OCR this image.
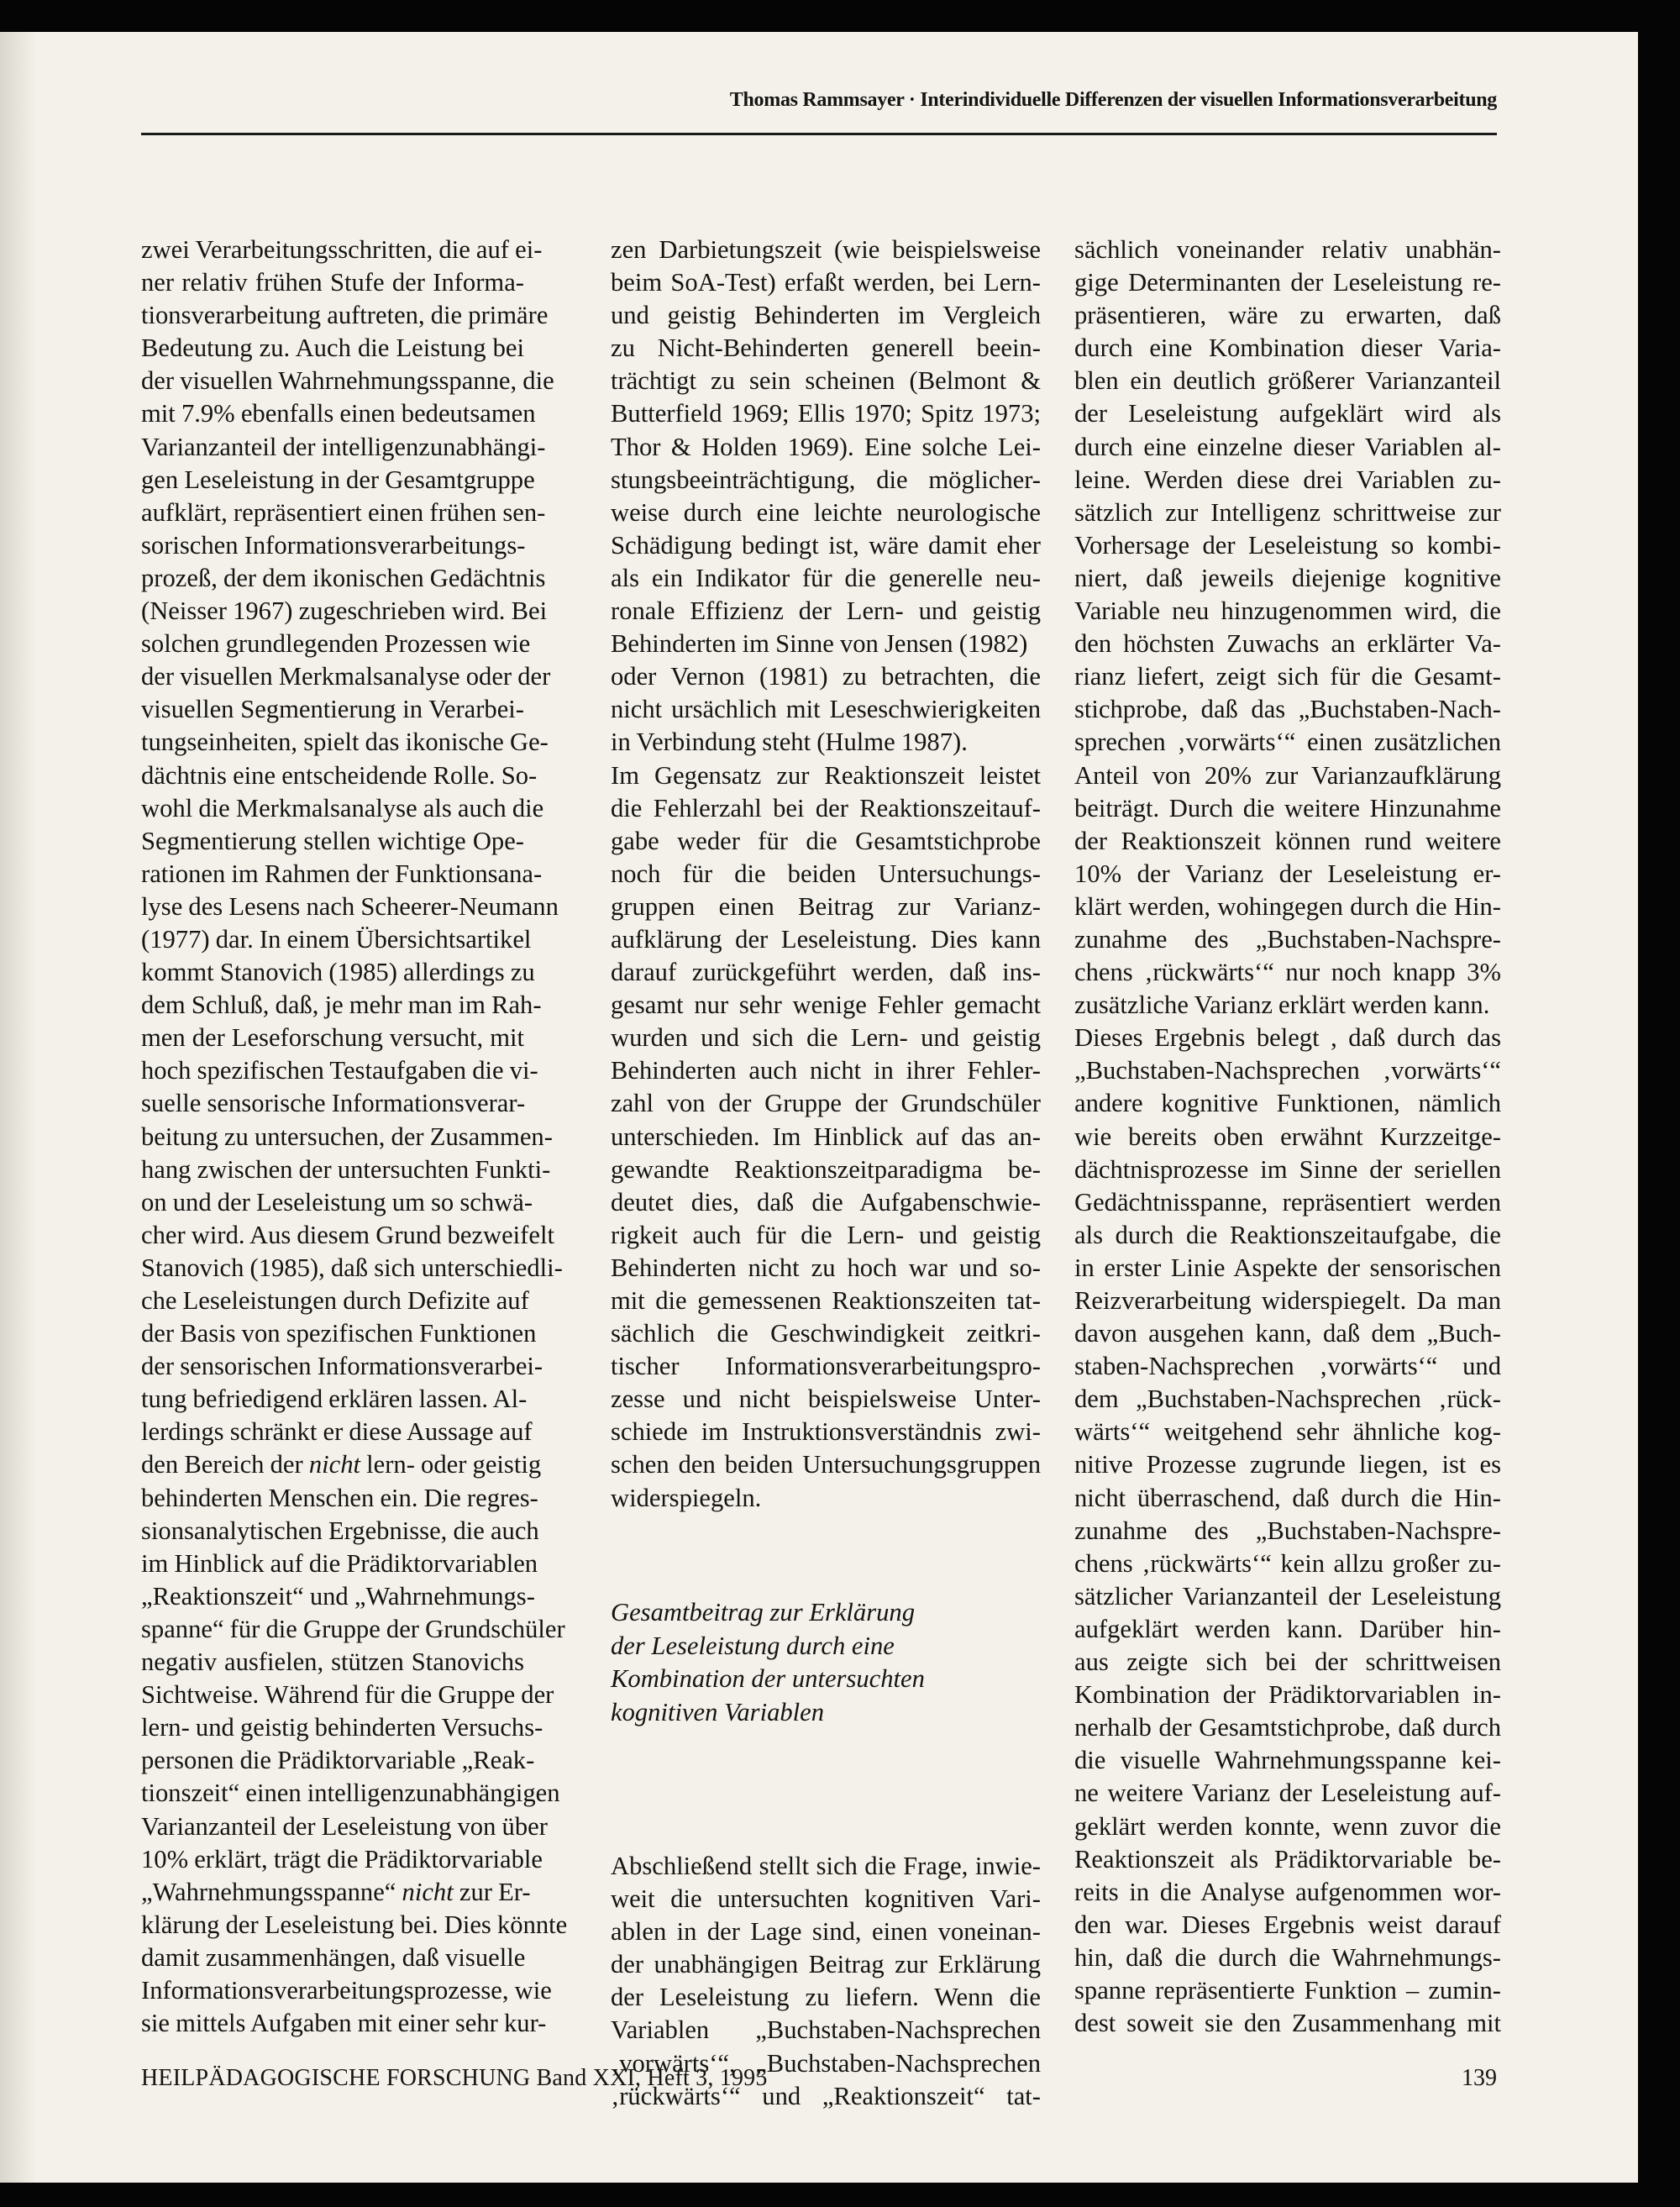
Thomas Rammsayer · Interindividuelle Differenzen der visuellen Informationsverarbeitung
zwei Verarbeitungsschritten, die auf ei-
ner relativ frühen Stufe der Informa-
tionsverarbeitung auftreten, die primäre
Bedeutung zu. Auch die Leistung bei
der visuellen Wahrnehmungsspanne, die
mit 7.9% ebenfalls einen bedeutsamen
Varianzanteil der intelligenzunabhängi-
gen Leseleistung in der Gesamtgruppe
aufklärt, repräsentiert einen frühen sen-
sorischen Informationsverarbeitungs-
prozeß, der dem ikonischen Gedächtnis
(Neisser 1967) zugeschrieben wird. Bei
solchen grundlegenden Prozessen wie
der visuellen Merkmalsanalyse oder der
visuellen Segmentierung in Verarbei-
tungseinheiten, spielt das ikonische Ge-
dächtnis eine entscheidende Rolle. So-
wohl die Merkmalsanalyse als auch die
Segmentierung stellen wichtige Ope-
rationen im Rahmen der Funktionsana-
lyse des Lesens nach Scheerer-Neumann
(1977) dar. In einem Übersichtsartikel
kommt Stanovich (1985) allerdings zu
dem Schluß, daß, je mehr man im Rah-
men der Leseforschung versucht, mit
hoch spezifischen Testaufgaben die vi-
suelle sensorische Informationsverar-
beitung zu untersuchen, der Zusammen-
hang zwischen der untersuchten Funkti-
on und der Leseleistung um so schwä-
cher wird. Aus diesem Grund bezweifelt
Stanovich (1985), daß sich unterschiedli-
che Leseleistungen durch Defizite auf
der Basis von spezifischen Funktionen
der sensorischen Informationsverarbei-
tung befriedigend erklären lassen. Al-
lerdings schränkt er diese Aussage auf
den Bereich der nicht lern- oder geistig
behinderten Menschen ein. Die regres-
sionsanalytischen Ergebnisse, die auch
im Hinblick auf die Prädiktorvariablen
„Reaktionszeit“ und „Wahrnehmungs-
spanne“ für die Gruppe der Grundschüler
negativ ausfielen, stützen Stanovichs
Sichtweise. Während für die Gruppe der
lern- und geistig behinderten Versuchs-
personen die Prädiktorvariable „Reak-
tionszeit“ einen intelligenzunabhängigen
Varianzanteil der Leseleistung von über
10% erklärt, trägt die Prädiktorvariable
„Wahrnehmungsspanne“ nicht zur Er-
klärung der Leseleistung bei. Dies könnte
damit zusammenhängen, daß visuelle
Informationsverarbeitungsprozesse, wie
sie mittels Aufgaben mit einer sehr kur-
zen Darbietungszeit (wie beispielsweise
beim SoA-Test) erfaßt werden, bei Lern-
und geistig Behinderten im Vergleich
zu Nicht-Behinderten generell beein-
trächtigt zu sein scheinen (Belmont &
Butterfield 1969; Ellis 1970; Spitz 1973;
Thor & Holden 1969). Eine solche Lei-
stungsbeeinträchtigung, die möglicher-
weise durch eine leichte neurologische
Schädigung bedingt ist, wäre damit eher
als ein Indikator für die generelle neu-
ronale Effizienz der Lern- und geistig
Behinderten im Sinne von Jensen (1982)
oder Vernon (1981) zu betrachten, die
nicht ursächlich mit Leseschwierigkeiten
in Verbindung steht (Hulme 1987).
Im Gegensatz zur Reaktionszeit leistet
die Fehlerzahl bei der Reaktionszeitauf-
gabe weder für die Gesamtstichprobe
noch für die beiden Untersuchungs-
gruppen einen Beitrag zur Varianz-
aufklärung der Leseleistung. Dies kann
darauf zurückgeführt werden, daß ins-
gesamt nur sehr wenige Fehler gemacht
wurden und sich die Lern- und geistig
Behinderten auch nicht in ihrer Fehler-
zahl von der Gruppe der Grundschüler
unterschieden. Im Hinblick auf das an-
gewandte Reaktionszeitparadigma be-
deutet dies, daß die Aufgabenschwie-
rigkeit auch für die Lern- und geistig
Behinderten nicht zu hoch war und so-
mit die gemessenen Reaktionszeiten tat-
sächlich die Geschwindigkeit zeitkri-
tischer Informationsverarbeitungspro-
zesse und nicht beispielsweise Unter-
schiede im Instruktionsverständnis zwi-
schen den beiden Untersuchungsgruppen
widerspiegeln.
Gesamtbeitrag zur Erklärung
der Leseleistung durch eine
Kombination der untersuchten
kognitiven Variablen
Abschließend stellt sich die Frage, inwie-
weit die untersuchten kognitiven Vari-
ablen in der Lage sind, einen voneinan-
der unabhängigen Beitrag zur Erklärung
der Leseleistung zu liefern. Wenn die
Variablen „Buchstaben-Nachsprechen
‚vorwärts‘“, „Buchstaben-Nachsprechen
‚rückwärts‘“ und „Reaktionszeit“ tat-
sächlich voneinander relativ unabhän-
gige Determinanten der Leseleistung re-
präsentieren, wäre zu erwarten, daß
durch eine Kombination dieser Varia-
blen ein deutlich größerer Varianzanteil
der Leseleistung aufgeklärt wird als
durch eine einzelne dieser Variablen al-
leine. Werden diese drei Variablen zu-
sätzlich zur Intelligenz schrittweise zur
Vorhersage der Leseleistung so kombi-
niert, daß jeweils diejenige kognitive
Variable neu hinzugenommen wird, die
den höchsten Zuwachs an erklärter Va-
rianz liefert, zeigt sich für die Gesamt-
stichprobe, daß das „Buchstaben-Nach-
sprechen ‚vorwärts‘“ einen zusätzlichen
Anteil von 20% zur Varianzaufklärung
beiträgt. Durch die weitere Hinzunahme
der Reaktionszeit können rund weitere
10% der Varianz der Leseleistung er-
klärt werden, wohingegen durch die Hin-
zunahme des „Buchstaben-Nachspre-
chens ‚rückwärts‘“ nur noch knapp 3%
zusätzliche Varianz erklärt werden kann.
Dieses Ergebnis belegt , daß durch das
„Buchstaben-Nachsprechen ‚vorwärts‘“
andere kognitive Funktionen, nämlich
wie bereits oben erwähnt Kurzzeitge-
dächtnisprozesse im Sinne der seriellen
Gedächtnisspanne, repräsentiert werden
als durch die Reaktionszeitaufgabe, die
in erster Linie Aspekte der sensorischen
Reizverarbeitung widerspiegelt. Da man
davon ausgehen kann, daß dem „Buch-
staben-Nachsprechen ‚vorwärts‘“ und
dem „Buchstaben-Nachsprechen ‚rück-
wärts‘“ weitgehend sehr ähnliche kog-
nitive Prozesse zugrunde liegen, ist es
nicht überraschend, daß durch die Hin-
zunahme des „Buchstaben-Nachspre-
chens ‚rückwärts‘“ kein allzu großer zu-
sätzlicher Varianzanteil der Leseleistung
aufgeklärt werden kann. Darüber hin-
aus zeigte sich bei der schrittweisen
Kombination der Prädiktorvariablen in-
nerhalb der Gesamtstichprobe, daß durch
die visuelle Wahrnehmungsspanne kei-
ne weitere Varianz der Leseleistung auf-
geklärt werden konnte, wenn zuvor die
Reaktionszeit als Prädiktorvariable be-
reits in die Analyse aufgenommen wor-
den war. Dieses Ergebnis weist darauf
hin, daß die durch die Wahrnehmungs-
spanne repräsentierte Funktion – zumin-
dest soweit sie den Zusammenhang mit
HEILPÄDAGOGISCHE FORSCHUNG Band XXI, Heft 3, 1995	139
